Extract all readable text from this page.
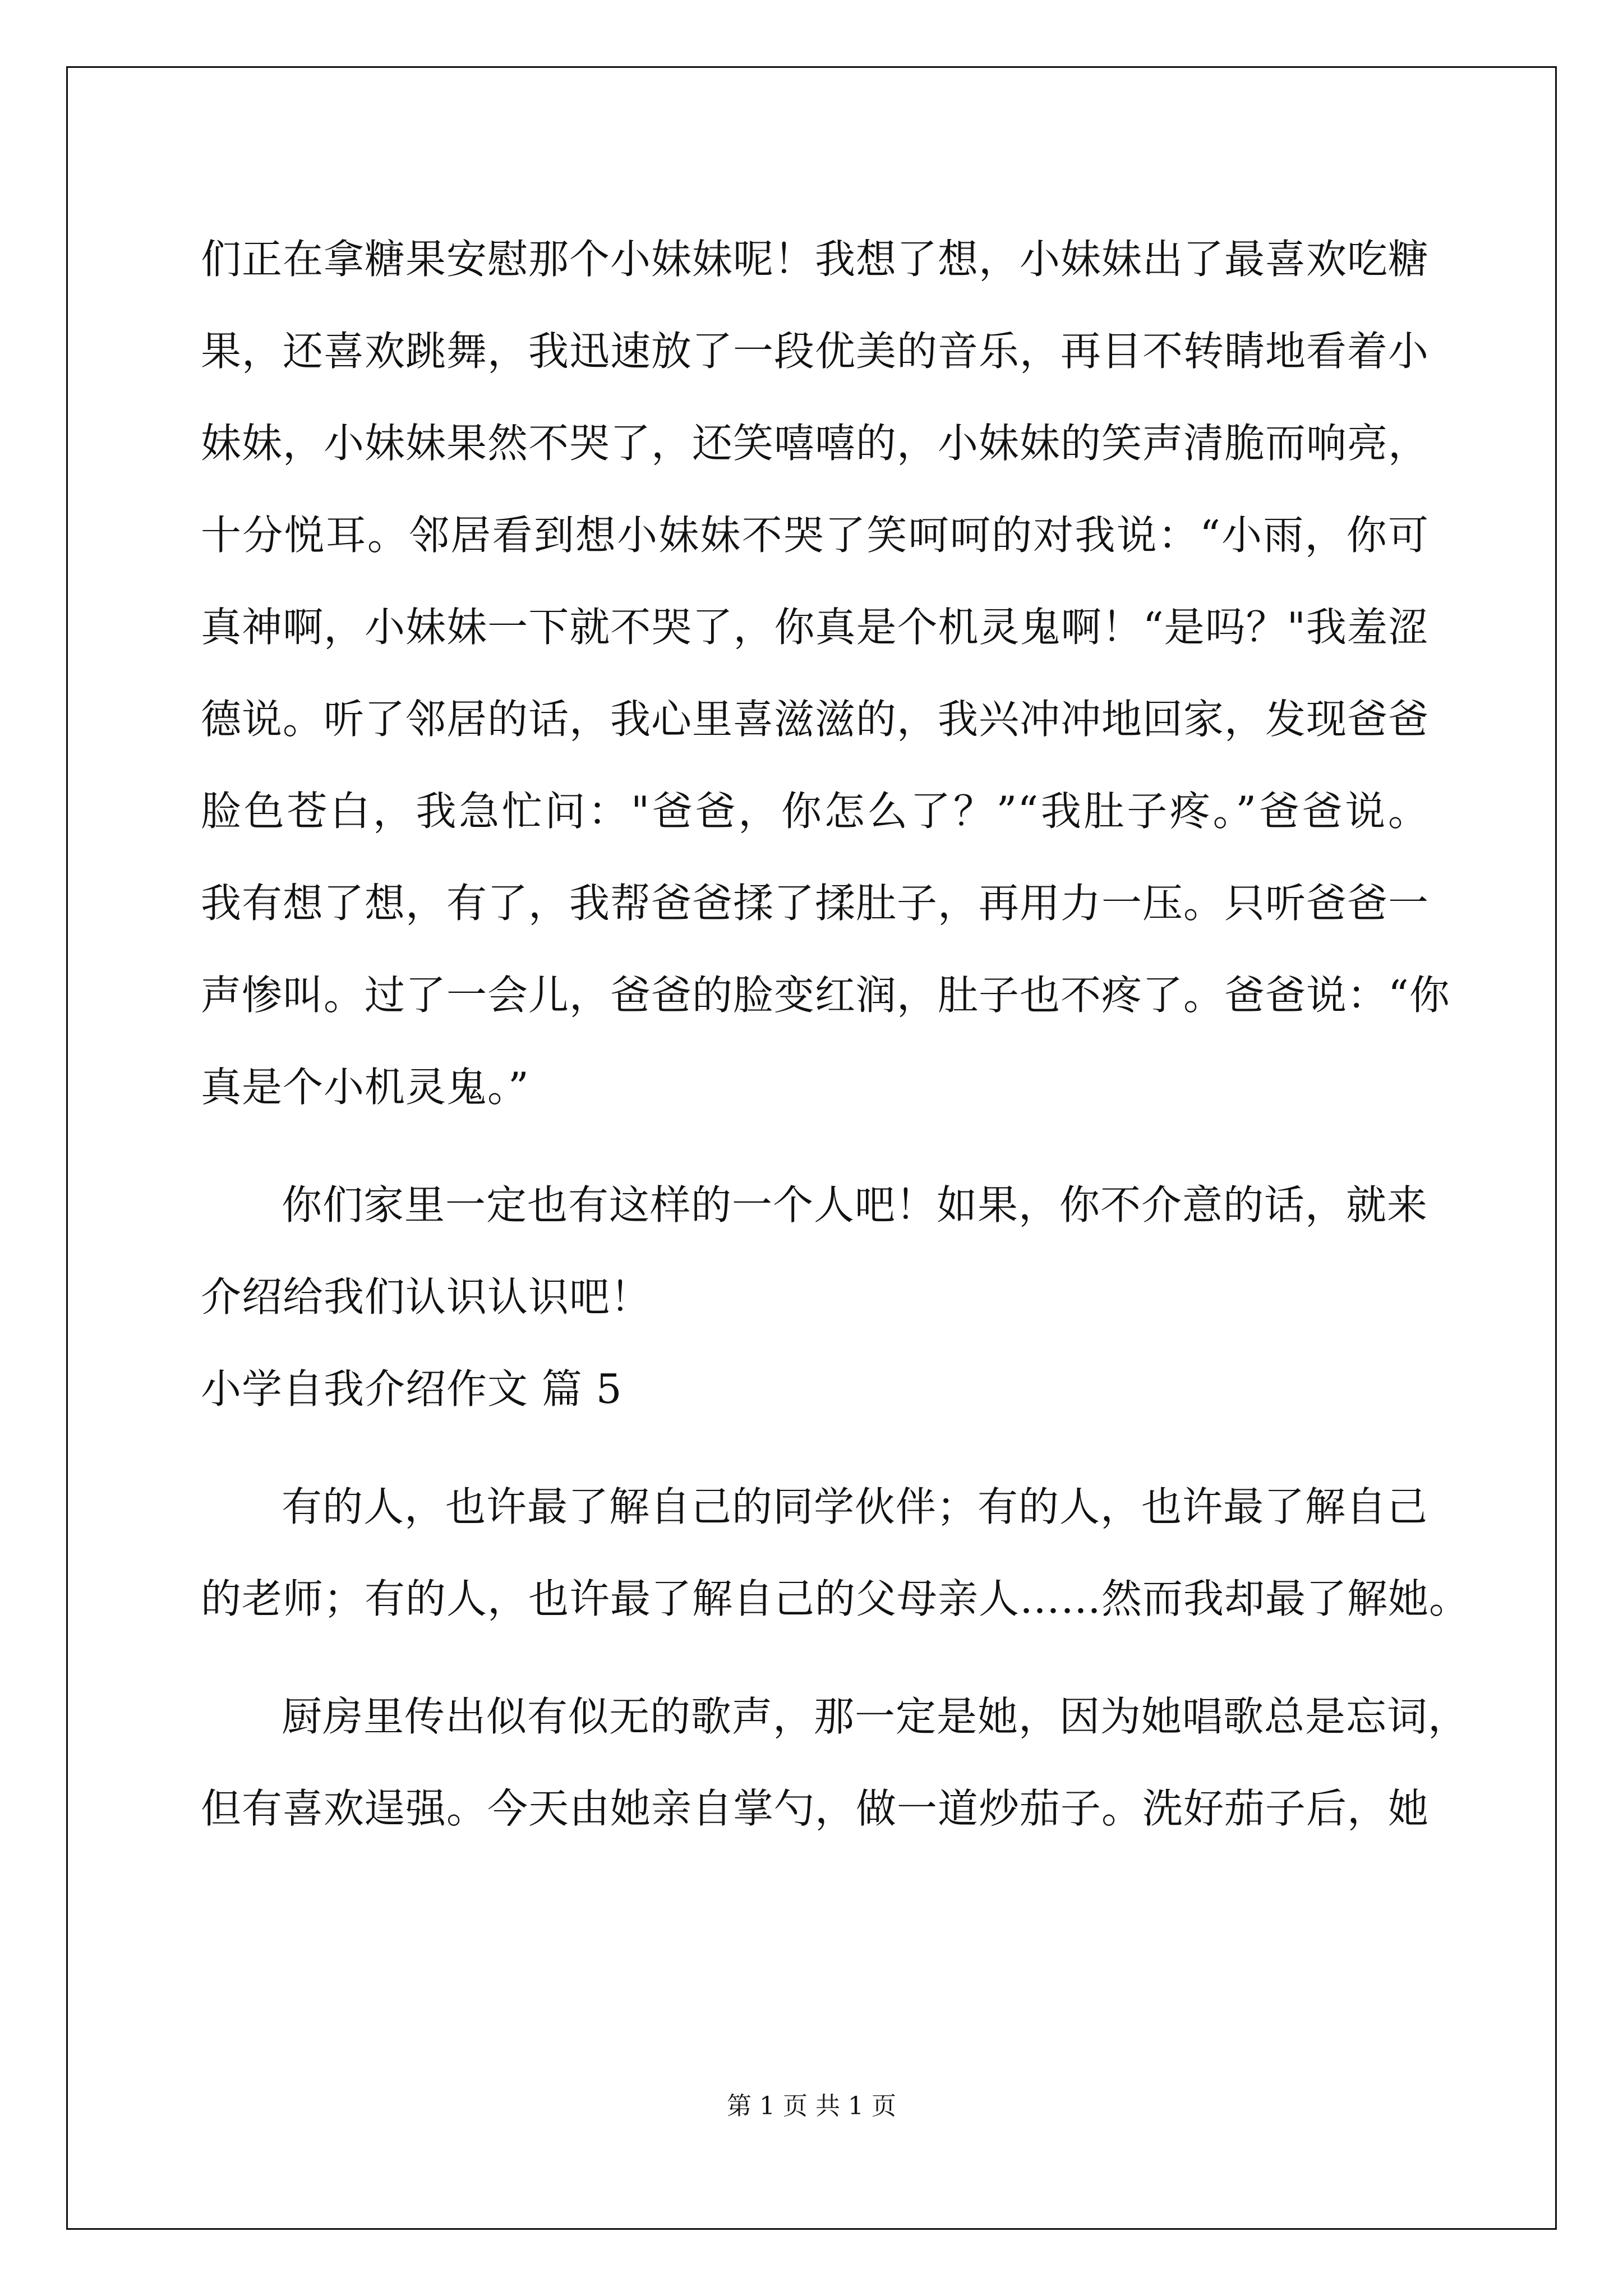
们正在拿糖果安慰那个小妹妹呢！我想了想，小妹妹出了最喜欢吃糖
果，还喜欢跳舞，我迅速放了一段优美的音乐，再目不转睛地看着小
妹妹，小妹妹果然不哭了，还笑嘻嘻的，小妹妹的笑声清脆而响亮，
十分悦耳。邻居看到想小妹妹不哭了笑呵呵的对我说：“小雨，你可
真神啊，小妹妹一下就不哭了，你真是个机灵鬼啊！“是吗？"我羞涩
德说。听了邻居的话，我心里喜滋滋的，我兴冲冲地回家，发现爸爸
脸色苍白，我急忙问："爸爸，你怎么了？”“我肚子疼。”爸爸说。
我有想了想，有了，我帮爸爸揉了揉肚子，再用力一压。只听爸爸一
声惨叫。过了一会儿，爸爸的脸变红润，肚子也不疼了。爸爸说：“你
真是个小机灵鬼。”
你们家里一定也有这样的一个人吧！如果，你不介意的话，就来
介绍给我们认识认识吧！
小学自我介绍作文 篇 5
有的人，也许最了解自己的同学伙伴；有的人，也许最了解自己
的老师；有的人，也许最了解自己的父母亲人……然而我却最了解她。
厨房里传出似有似无的歌声，那一定是她，因为她唱歌总是忘词，
但有喜欢逞强。今天由她亲自掌勺，做一道炒茄子。洗好茄子后，她
第 1 页 共 1 页
